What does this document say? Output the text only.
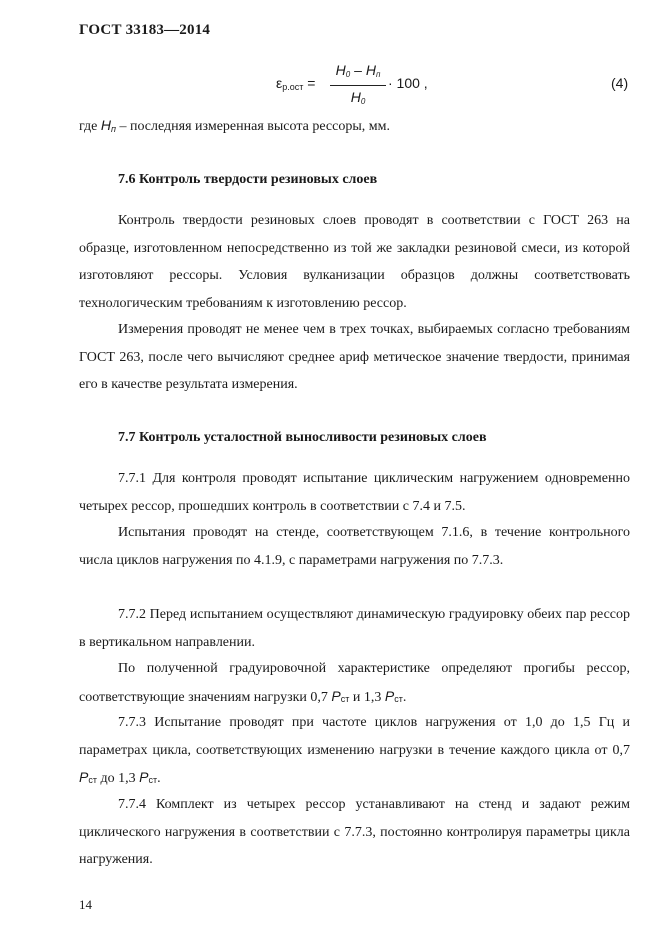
ГОСТ 33183—2014
$\varepsilon_{р.ост}$ =
$H_0 - H_п$
$H_0$
· 100 ,	(4)
где $H_п$ – последняя измеренная высота рессоры, мм.
7.6 Контроль твердости резиновых слоев

Контроль твердости резиновых слоев проводят в соответствии с ГОСТ 263 на образце, изготовленном непосредственно из той же закладки резиновой смеси, из которой изготовляют рессоры. Условия вулканизации образцов должны соответствовать технологическим требованиям к изготовлению рессор.

Измерения проводят не менее чем в трех точках, выбираемых согласно требованиям ГОСТ 263, после чего вычисляют среднее ариф метическое значение твердости, принимая его в качестве результата измерения.

7.7 Контроль усталостной выносливости резиновых слоев

7.7.1 Для контроля проводят испытание циклическим нагружением одновременно четырех рессор, прошедших контроль в соответствии с 7.4 и 7.5.

Испытания проводят на стенде, соответствующем 7.1.6, в течение контрольного числа циклов нагружения по 4.1.9, с параметрами нагружения по 7.7.3.

7.7.2 Перед испытанием осуществляют динамическую градуировку обеих пар рессор в вертикальном направлении.

По полученной градуировочной характеристике определяют прогибы рессор, соответствующие значениям нагрузки 0,7 $P_{ст}$ и 1,3 $P_{ст}$.

7.7.3 Испытание проводят при частоте циклов нагружения от 1,0 до 1,5 Гц и параметрах цикла, соответствующих изменению нагрузки в течение каждого цикла от 0,7 $P_{ст}$ до 1,3 $P_{ст}$.

7.7.4 Комплект из четырех рессор устанавливают на стенд и задают режим циклического нагружения в соответствии с 7.7.3, постоянно контролируя параметры цикла нагружения.

14
